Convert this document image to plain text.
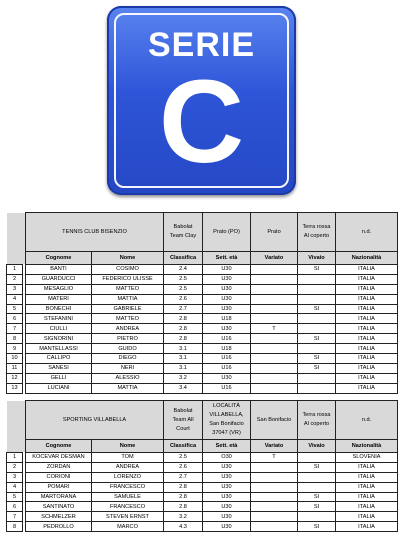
SERIE
C
		TENNIS CLUB BISENZIO		Babolat Team Clay	Prato (PO)	Prato	Terra rossa Al coperto	n.d.
		Cognome	Nome	Classifica	Sett. età	Variato	Vivaio	Nazionalità
1		BANTI	COSIMO	2.4	U30		SI	ITALIA
2		GUARDUCCI	FEDERICO ULISSE	2.5	U30			ITALIA
3		MESAGLIO	MATTEO	2.5	U30			ITALIA
4		MATERI	MATTIA	2.6	U30			ITALIA
5		BONECHI	GABRIELE	2.7	U30		SI	ITALIA
6		STEFANINI	MATTEO	2.8	U18			ITALIA
7		CIULLI	ANDREA	2.8	U30	T		ITALIA
8		SIGNORINI	PIETRO	2.8	U16		SI	ITALIA
9		MANTELLASSI	GUIDO	3.1	U18			ITALIA
10		CALLIPO	DIEGO	3.1	U16		SI	ITALIA
11		SANESI	NERI	3.1	U16		SI	ITALIA
12		GELLI	ALESSIO	3.2	U30			ITALIA
13		LUCIANI	MATTIA	3.4	U16			ITALIA
		SPORTING VILLABELLA		Babolat Team All Court	LOCALITÀ VILLABELLA, San Bonifacio 37047 (VR)	San Bonifacio	Terra rossa Al coperto	n.d.
		Cognome	Nome	Classifica	Sett. età	Variato	Vivaio	Nazionalità
1		KOCEVAR DESMAN	TOM	2.5	O30	T		SLOVENIA
2		ZORDAN	ANDREA	2.6	U30		SI	ITALIA
3		CORIONI	LORENZO	2.7	U30			ITALIA
4		POMARI	FRANCESCO	2.8	U30			ITALIA
5		MARTORANA	SAMUELE	2.8	U30		SI	ITALIA
6		SANTINATO	FRANCESCO	2.8	U30		SI	ITALIA
7		SCHMELZER	STEVEN ERNST	3.2	U30			ITALIA
8		PEDROLLO	MARCO	4.3	U30		SI	ITALIA
